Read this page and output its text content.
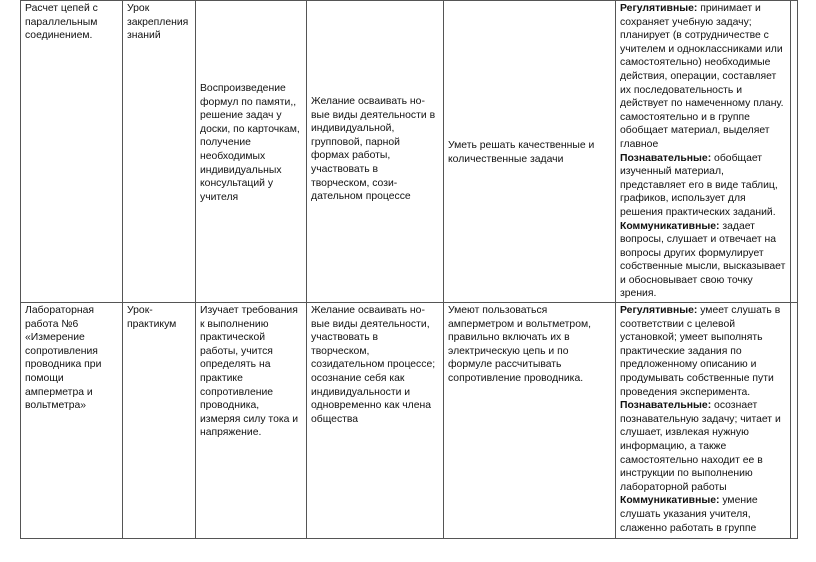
Расчет цепей с параллельным соединением.	Урок закрепления знаний	Воспроизведение формул по памяти,, решение задач у доски, по карточкам, получение необходимых индивидуальных консультаций у учителя	Желание осваивать но-вые виды деятельности в индивидуальной, групповой, парной формах работы, участвовать в творческом, сози-дательном процессе	Уметь решать качественные и количественные задачи	Регулятивные: принимает и сохраняет учебную задачу; планирует (в сотрудничестве с учителем и одноклассниками или самостоятельно) необходимые действия, операции, составляет их последовательность и действует по намеченному плану. самостоятельно и в группе обобщает материал, выделяет главное
Познавательные: обобщает изученный материал, представляет его в виде таблиц, графиков, использует для решения практических заданий.
Коммуникативные: задает вопросы, слушает и отвечает на вопросы других формулирует собственные мысли, высказывает и обосновывает свою точку зрения.	

Лабораторная работа №6 «Измерение сопротивления проводника при помощи амперметра и вольтметра»	Урок-практикум	Изучает требования к выполнению практической работы, учится определять на практике сопротивление проводника, измеряя силу тока и напряжение.	Желание осваивать но-вые виды деятельности, участвовать в творческом, созидательном процессе; осознание себя как индивидуальности и одновременно как члена общества	Умеют пользоваться амперметром и вольтметром, правильно включать их в электрическую цепь и по формуле рассчитывать сопротивление проводника.	Регулятивные: умеет слушать в соответствии с целевой установкой; умеет выполнять практические задания по предложенному описанию и продумывать собственные пути проведения эксперимента.
Познавательные: осознает познавательную задачу; читает и слушает, извлекая нужную информацию, а также самостоятельно находит ее в инструкции по выполнению лабораторной работы
Коммуникативные: умение слушать указания учителя, слаженно работать в группе	
